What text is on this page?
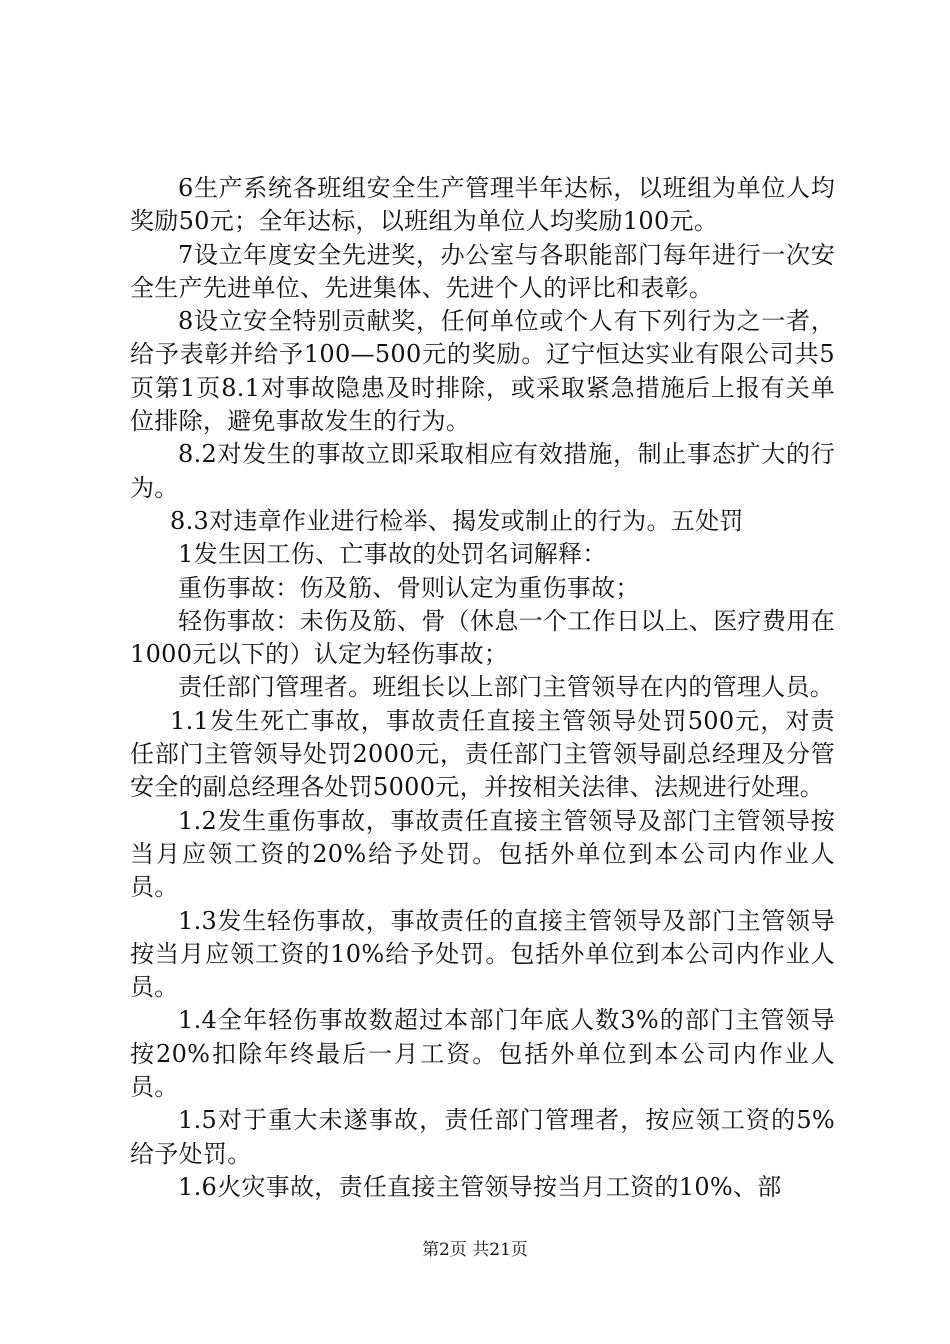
6生产系统各班组安全生产管理半年达标，以班组为单位人均奖励50元；全年达标，以班组为单位人均奖励100元。

7设立年度安全先进奖，办公室与各职能部门每年进行一次安全生产先进单位、先进集体、先进个人的评比和表彰。

8设立安全特别贡献奖，任何单位或个人有下列行为之一者，给予表彰并给予100—500元的奖励。辽宁恒达实业有限公司共5页第1页8.1对事故隐患及时排除，或采取紧急措施后上报有关单位排除，避免事故发生的行为。

8.2对发生的事故立即采取相应有效措施，制止事态扩大的行为。

8.3对违章作业进行检举、揭发或制止的行为。五处罚

1发生因工伤、亡事故的处罚名词解释：

重伤事故：伤及筋、骨则认定为重伤事故；

轻伤事故：未伤及筋、骨（休息一个工作日以上、医疗费用在1000元以下的）认定为轻伤事故；

责任部门管理者。班组长以上部门主管领导在内的管理人员。

1.1发生死亡事故，事故责任直接主管领导处罚500元，对责任部门主管领导处罚2000元，责任部门主管领导副总经理及分管安全的副总经理各处罚5000元，并按相关法律、法规进行处理。

1.2发生重伤事故，事故责任直接主管领导及部门主管领导按当月应领工资的20%给予处罚。包括外单位到本公司内作业人员。

1.3发生轻伤事故，事故责任的直接主管领导及部门主管领导按当月应领工资的10%给予处罚。包括外单位到本公司内作业人员。

1.4全年轻伤事故数超过本部门年底人数3%的部门主管领导按20%扣除年终最后一月工资。包括外单位到本公司内作业人员。

1.5对于重大未遂事故，责任部门管理者，按应领工资的5%给予处罚。

1.6火灾事故，责任直接主管领导按当月工资的10%、部

第2页 共21页
